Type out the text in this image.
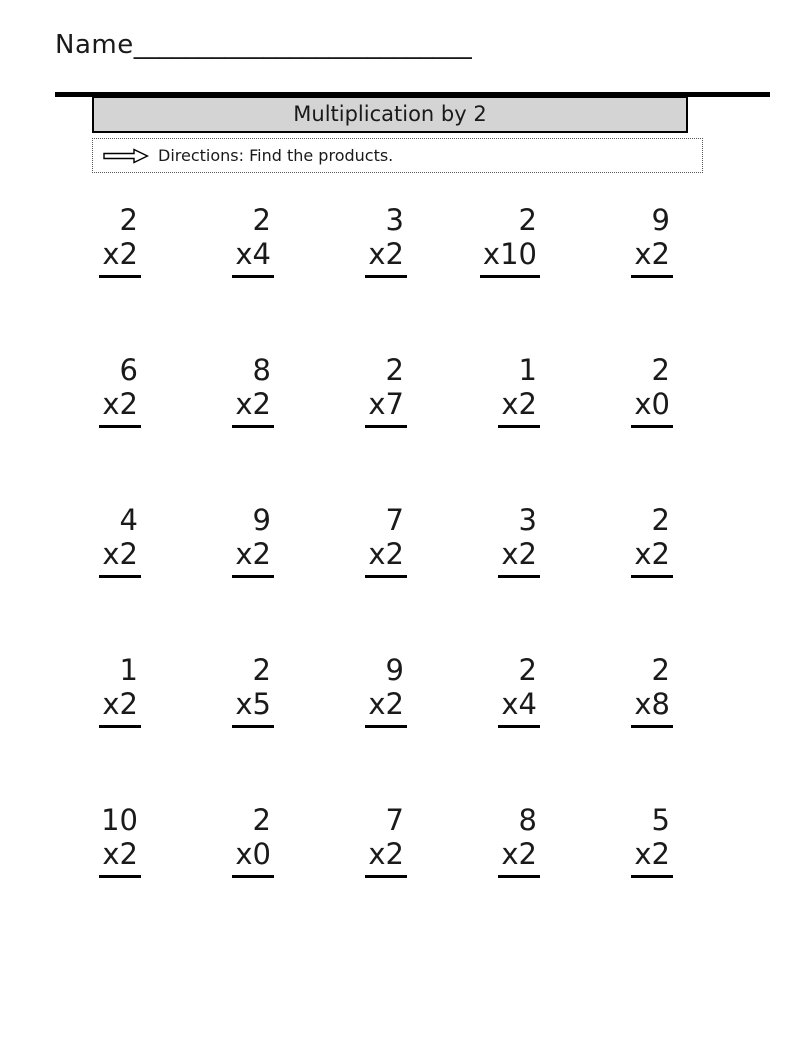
Name__________________________
Multiplication by 2
Directions: Find the products.
2
x2
2
x4
3
x2
2
x10
9
x2
6
x2
8
x2
2
x7
1
x2
2
x0
4
x2
9
x2
7
x2
3
x2
2
x2
1
x2
2
x5
9
x2
2
x4
2
x8
10
x2
2
x0
7
x2
8
x2
5
x2
